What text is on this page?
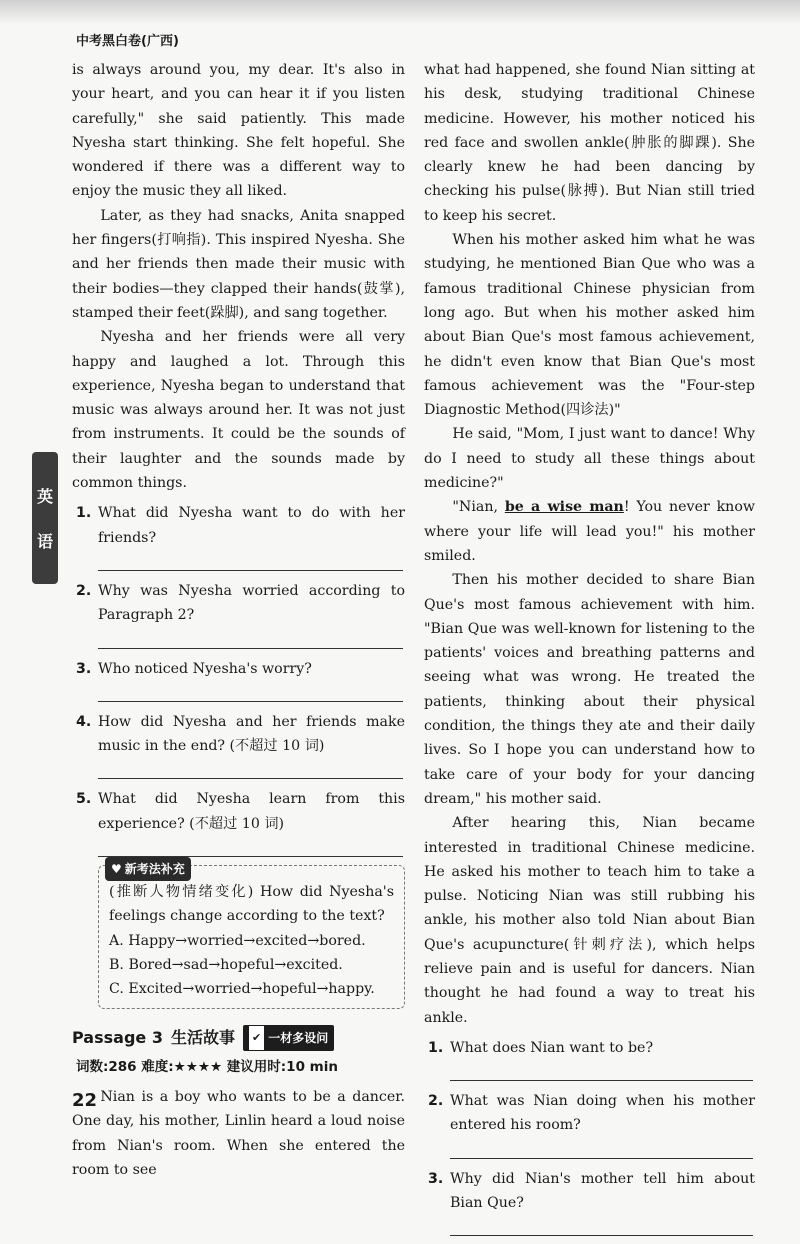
中考黑白卷(广西)
英
语

is always around you, my dear. It's also in your heart, and you can hear it if you listen carefully," she said patiently. This made Nyesha start thinking. She felt hopeful. She wondered if there was a different way to enjoy the music they all liked.

Later, as they had snacks, Anita snapped her fingers(打响指). This inspired Nyesha. She and her friends then made their music with their bodies—they clapped their hands(鼓掌), stamped their feet(跺脚), and sang together.

Nyesha and her friends were all very happy and laughed a lot. Through this experience, Nyesha began to understand that music was always around her. It was not just from instruments. It could be the sounds of their laughter and the sounds made by common things.

1. What did Nyesha want to do with her friends?
2. Why was Nyesha worried according to Paragraph 2?
3. Who noticed Nyesha's worry?
4. How did Nyesha and her friends make music in the end? (不超过 10 词)
5. What did Nyesha learn from this experience? (不超过 10 词)
♥ 新考法补充
(推断人物情绪变化) How did Nyesha's feelings change according to the text?
A. Happy→worried→excited→bored.
B. Bored→sad→hopeful→excited.
C. Excited→worried→hopeful→happy.
Passage 3 生活故事 ✔ 一材多设问
词数:286 难度:★★★★ 建议用时:10 min

Nian is a boy who wants to be a dancer. One day, his mother, Linlin heard a loud noise from Nian's room. When she entered the room to see

what had happened, she found Nian sitting at his desk, studying traditional Chinese medicine. However, his mother noticed his red face and swollen ankle(肿胀的脚踝). She clearly knew he had been dancing by checking his pulse(脉搏). But Nian still tried to keep his secret.

When his mother asked him what he was studying, he mentioned Bian Que who was a famous traditional Chinese physician from long ago. But when his mother asked him about Bian Que's most famous achievement, he didn't even know that Bian Que's most famous achievement was the "Four-step Diagnostic Method(四诊法)"

He said, "Mom, I just want to dance! Why do I need to study all these things about medicine?"

"Nian, be a wise man! You never know where your life will lead you!" his mother smiled.

Then his mother decided to share Bian Que's most famous achievement with him. "Bian Que was well-known for listening to the patients' voices and breathing patterns and seeing what was wrong. He treated the patients, thinking about their physical condition, the things they ate and their daily lives. So I hope you can understand how to take care of your body for your dancing dream," his mother said.

After hearing this, Nian became interested in traditional Chinese medicine. He asked his mother to teach him to take a pulse. Noticing Nian was still rubbing his ankle, his mother also told Nian about Bian Que's acupuncture(针刺疗法), which helps relieve pain and is useful for dancers. Nian thought he had found a way to treat his ankle.

1. What does Nian want to be?
2. What was Nian doing when his mother entered his room?
3. Why did Nian's mother tell him about Bian Que?
22
